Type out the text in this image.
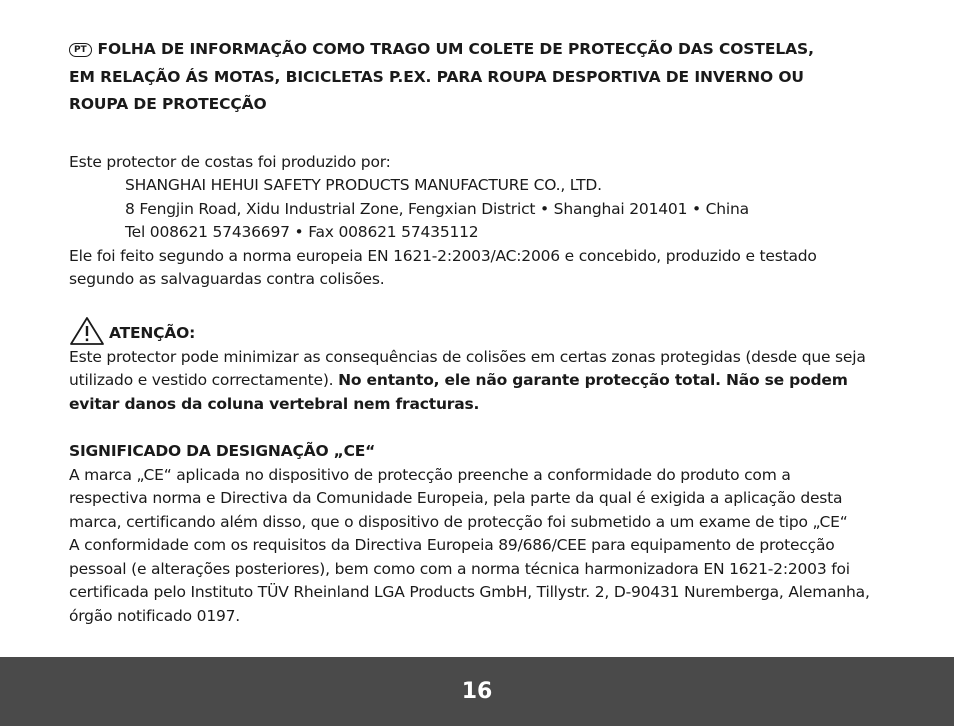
PT FOLHA DE INFORMAÇÃO COMO TRAGO UM COLETE DE PROTECÇÃO DAS COSTELAS,
EM RELAÇÃO ÁS MOTAS, BICICLETAS P.EX. PARA ROUPA DESPORTIVA DE INVERNO OU
ROUPA DE PROTECÇÃO
Este protector de costas foi produzido por:
SHANGHAI HEHUI SAFETY PRODUCTS MANUFACTURE CO., LTD.
8 Fengjin Road, Xidu Industrial Zone, Fengxian District • Shanghai 201401 • China
Tel 008621 57436697 • Fax 008621 57435112
Ele foi feito segundo a norma europeia EN 1621-2:2003/AC:2006 e concebido, produzido e testado
segundo as salvaguardas contra colisões.
ATENÇÃO:
Este protector pode minimizar as consequências de colisões em certas zonas protegidas (desde que seja
utilizado e vestido correctamente). No entanto, ele não garante protecção total. Não se podem
evitar danos da coluna vertebral nem fracturas.
SIGNIFICADO DA DESIGNAÇÃO „CE“
A marca „CE“ aplicada no dispositivo de protecção preenche a conformidade do produto com a
respectiva norma e Directiva da Comunidade Europeia, pela parte da qual é exigida a aplicação desta
marca, certificando além disso, que o dispositivo de protecção foi submetido a um exame de tipo „CE“
A conformidade com os requisitos da Directiva Europeia 89/686/CEE para equipamento de protecção
pessoal (e alterações posteriores), bem como com a norma técnica harmonizadora EN 1621-2:2003 foi
certificada pelo Instituto TÜV Rheinland LGA Products GmbH, Tillystr. 2, D-90431 Nuremberga, Alemanha,
órgão notificado 0197.
16
